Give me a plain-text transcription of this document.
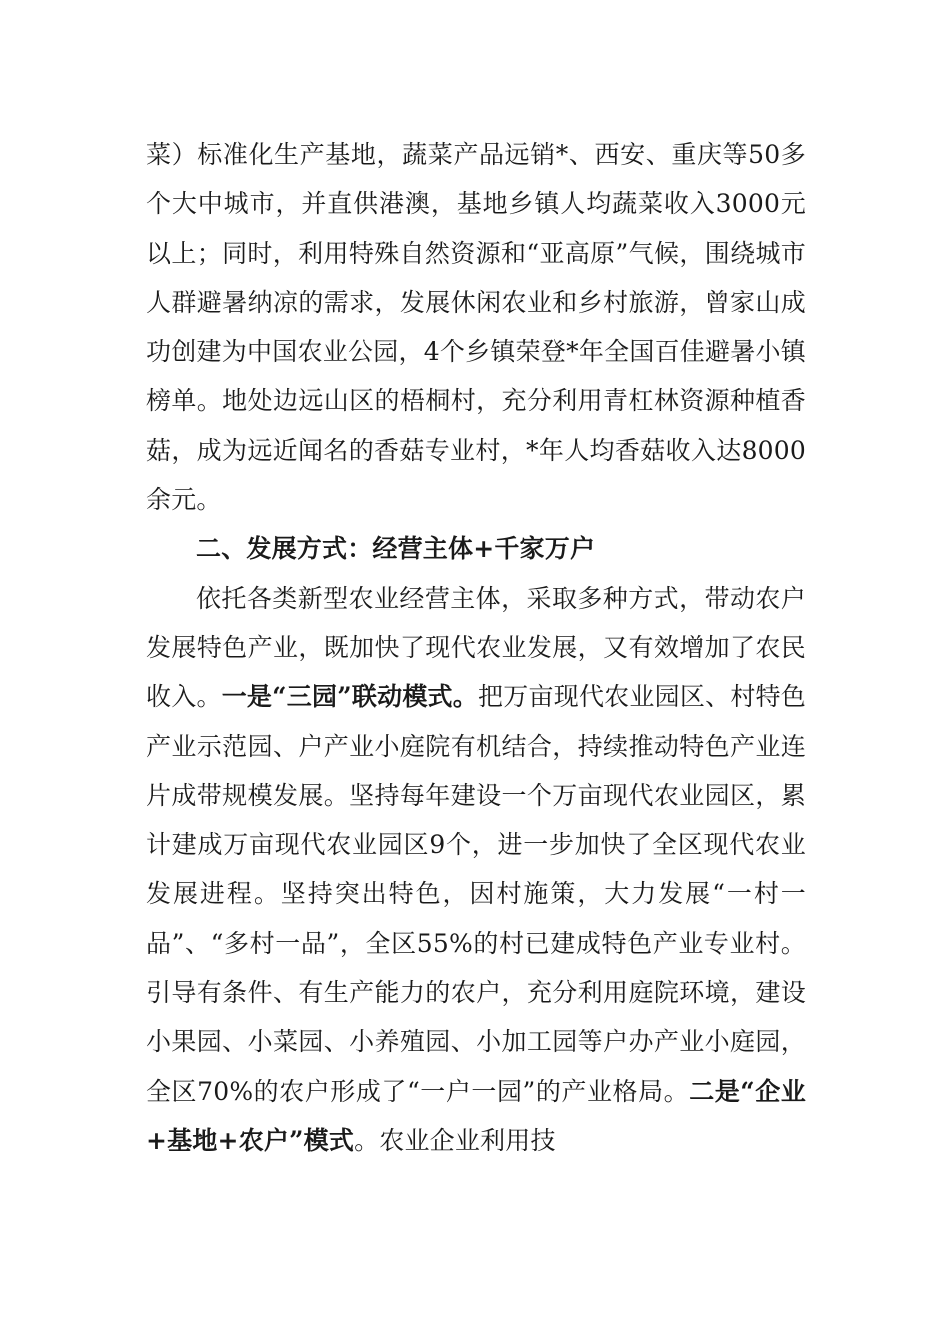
菜）标准化生产基地，蔬菜产品远销*、西安、重庆等50多个大中城市，并直供港澳，基地乡镇人均蔬菜收入3000元以上；同时，利用特殊自然资源和“亚高原”气候，围绕城市人群避暑纳凉的需求，发展休闲农业和乡村旅游，曾家山成功创建为中国农业公园，4个乡镇荣登*年全国百佳避暑小镇榜单。地处边远山区的梧桐村，充分利用青杠林资源种植香菇，成为远近闻名的香菇专业村，*年人均香菇收入达8000余元。

二、发展方式：经营主体+千家万户

依托各类新型农业经营主体，采取多种方式，带动农户发展特色产业，既加快了现代农业发展，又有效增加了农民收入。一是“三园”联动模式。把万亩现代农业园区、村特色产业示范园、户产业小庭院有机结合，持续推动特色产业连片成带规模发展。坚持每年建设一个万亩现代农业园区，累计建成万亩现代农业园区9个，进一步加快了全区现代农业发展进程。坚持突出特色，因村施策，大力发展“一村一品”、“多村一品”，全区55%的村已建成特色产业专业村。引导有条件、有生产能力的农户，充分利用庭院环境，建设小果园、小菜园、小养殖园、小加工园等户办产业小庭园，全区70%的农户形成了“一户一园”的产业格局。二是“企业+基地+农户”模式。农业企业利用技
